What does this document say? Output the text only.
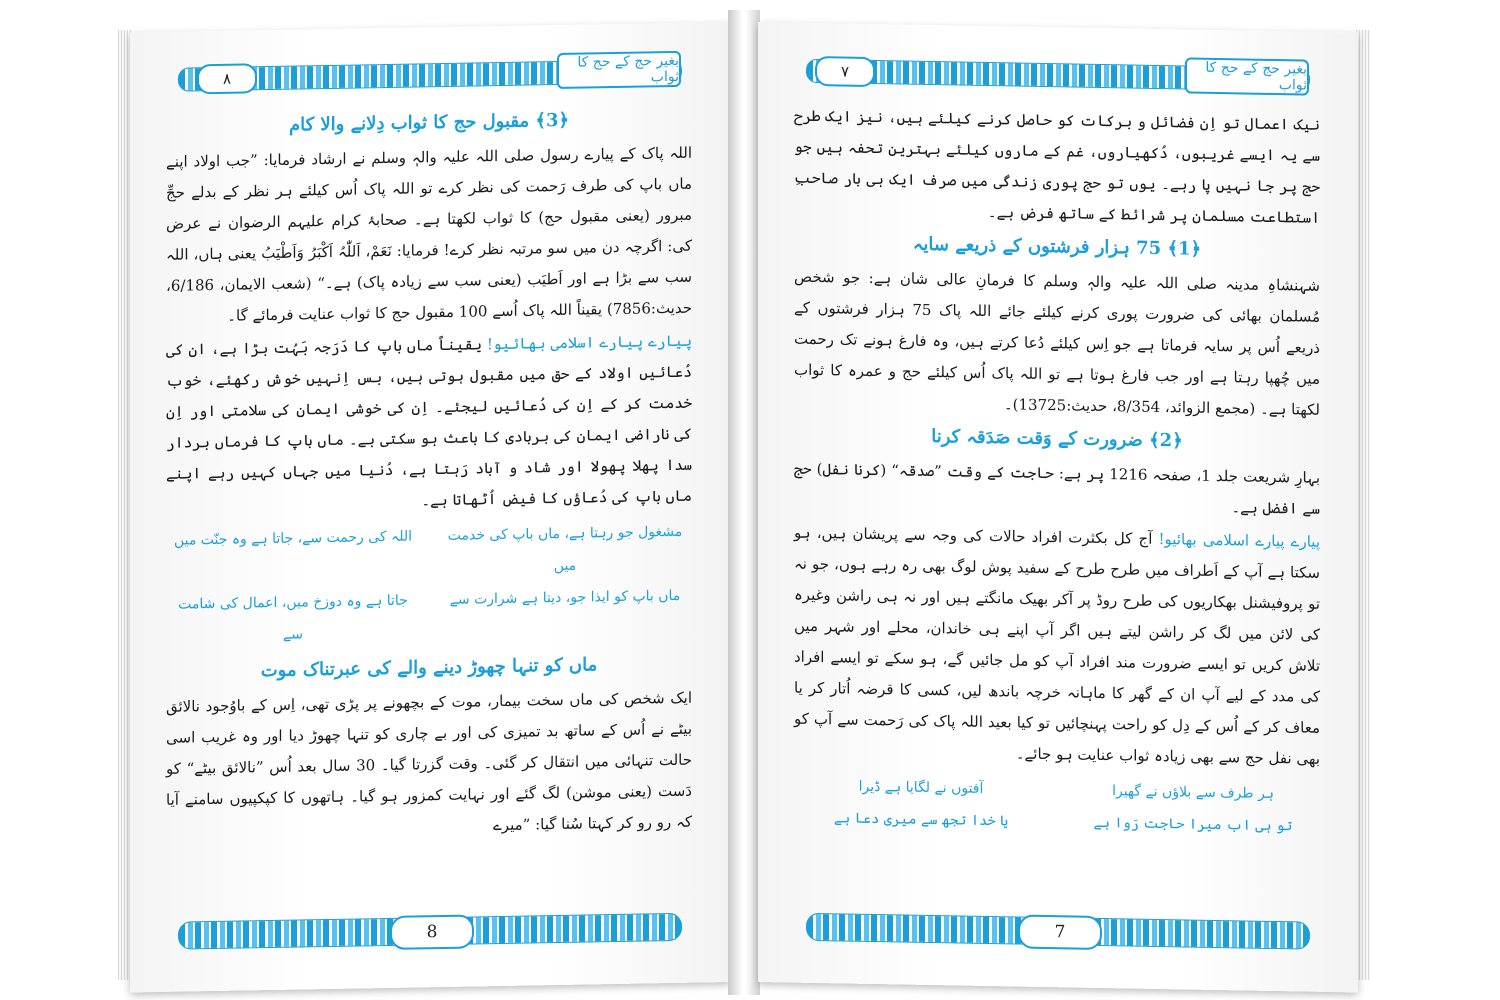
بغیر حج کے حج کا ثواب
۸
﴿3﴾ مقبول حج کا ثواب دِلانے والا کام

اللہ پاک کے پیارے رسول صلی اللہ علیہ والہٖ وسلم نے ارشاد فرمایا: ”جب اولاد اپنے ماں باپ کی طرف رَحمت کی نظر کرے تو اللہ پاک اُس کیلئے ہر نظر کے بدلے حجِّ مبرور (یعنی مقبول حج) کا ثواب لکھتا ہے۔ صحابۂ کرام علیہم الرضوان نے عرض کی: اگرچہ دن میں سو مرتبہ نظر کرے! فرمایا: نَعَمْ، اَللّٰہُ اَکْبَرُ وَاَطْیَبُ یعنی ہاں، اللہ سب سے بڑا ہے اور اَطیَب (یعنی سب سے زیادہ پاک) ہے۔“ (شعب الایمان، 6/186، حدیث:7856) یقیناً اللہ پاک اُسے 100 مقبول حج کا ثواب عنایت فرمائے گا۔

پیارے پیارے اسلامی بھائیو! یقیناً ماں باپ کا دَرَجہ بَہُت بڑا ہے، ان کی دُعائیں اولاد کے حق میں مقبول ہوتی ہیں، بس اِنہیں خوش رکھئے، خوب خدمت کر کے اِن کی دُعائیں لیجئے۔ اِن کی خوشی ایمان کی سلامتی اور اِن کی ناراضی ایمان کی بربادی کا باعث ہو سکتی ہے۔ ماں باپ کا فرماں بردار سدا پھلا پھولا اور شاد و آباد رَہتا ہے، دُنیا میں جہاں کہیں رہے اپنے ماں باپ کی دُعاؤں کا فیض اُٹھاتا ہے۔

مشغول جو رہتا ہے، ماں باپ کی خدمت میں
اللہ کی رحمت سے، جاتا ہے وہ جنّت میں
ماں باپ کو ایذا جو، دیتا ہے شرارت سے
جاتا ہے وہ دوزخ میں، اعمال کی شامت سے
ماں کو تنہا چھوڑ دینے والے کی عبرتناک موت

ایک شخص کی ماں سخت بیمار، موت کے بچھونے پر پڑی تھی، اِس کے باوُجود نالائق بیٹے نے اُس کے ساتھ بد تمیزی کی اور بے چاری کو تنہا چھوڑ دیا اور وہ غریب اسی حالت تنہائی میں انتقال کر گئی۔ وقت گزرتا گیا۔ 30 سال بعد اُس ”نالائق بیٹے“ کو دَست (یعنی موشن) لگ گئے اور نہایت کمزور ہو گیا۔ ہاتھوں کا کپکپیوں سامنے آیا کہ رو رو کر کہتا سُنا گیا: ”میرے

8
بغیر حج کے حج کا ثواب
۷

نیک اعمال تو اِن فضائل و برکات کو حاصل کرنے کیلئے ہیں، نیز ایک طرح سے یہ ایسے غریبوں، دُکھیاروں، غم کے ماروں کیلئے بہترین تحفہ ہیں جو حج پر جا نہیں پا رہے۔ یوں تو حج پوری زندگی میں صرف ایک ہی بار صاحبِ استطاعت مسلمان پر شرائط کے ساتھ فرض ہے۔

﴿1﴾ 75 ہزار فرشتوں کے ذریعے سایہ

شہنشاہِ مدینہ صلی اللہ علیہ والہٖ وسلم کا فرمانِ عالی شان ہے: جو شخص مُسلمان بھائی کی ضرورت پوری کرنے کیلئے جائے اللہ پاک 75 ہزار فرشتوں کے ذریعے اُس پر سایہ فرماتا ہے جو اِس کیلئے دُعا کرتے ہیں، وہ فارغ ہونے تک رحمت میں چُھپا رہتا ہے اور جب فارغ ہوتا ہے تو اللہ پاک اُس کیلئے حج و عمرہ کا ثواب لکھتا ہے۔ (مجمع الزوائد، 8/354، حدیث:13725)۔

﴿2﴾ ضرورت کے وَقت صَدَقہ کرنا

بہارِ شریعت جلد 1، صفحہ 1216 پر ہے: حاجت کے وقت ”صدقہ“ (کرنا نفل) حج سے افضل ہے۔

پیارے پیارے اسلامی بھائیو! آج کل بکثرت افراد حالات کی وجہ سے پریشان ہیں، ہو سکتا ہے آپ کے اَطراف میں طرح طرح کے سفید پوش لوگ بھی رہ رہے ہوں، جو نہ تو پروفیشنل بھکاریوں کی طرح روڈ پر آکر بھیک مانگتے ہیں اور نہ ہی راشن وغیرہ کی لائن میں لگ کر راشن لیتے ہیں اگر آپ اپنے ہی خاندان، محلے اور شہر میں تلاش کریں تو ایسے ضرورت مند افراد آپ کو مل جائیں گے، ہو سکے تو ایسے افراد کی مدد کے لیے آپ ان کے گھر کا ماہانہ خرچہ باندھ لیں، کسی کا قرضہ اُتار کر یا معاف کر کے اُس کے دِل کو راحت پہنچائیں تو کیا بعید اللہ پاک کی رَحمت سے آپ کو بھی نفل حج سے بھی زیادہ ثواب عنایت ہو جائے۔

ہر طرف سے بلاؤں نے گھیرا
آفتوں نے لگایا ہے ڈیرا
تو ہی اب میرا حاجت رَوا ہے
یا خدا تجھ سے میری دعا ہے
7
